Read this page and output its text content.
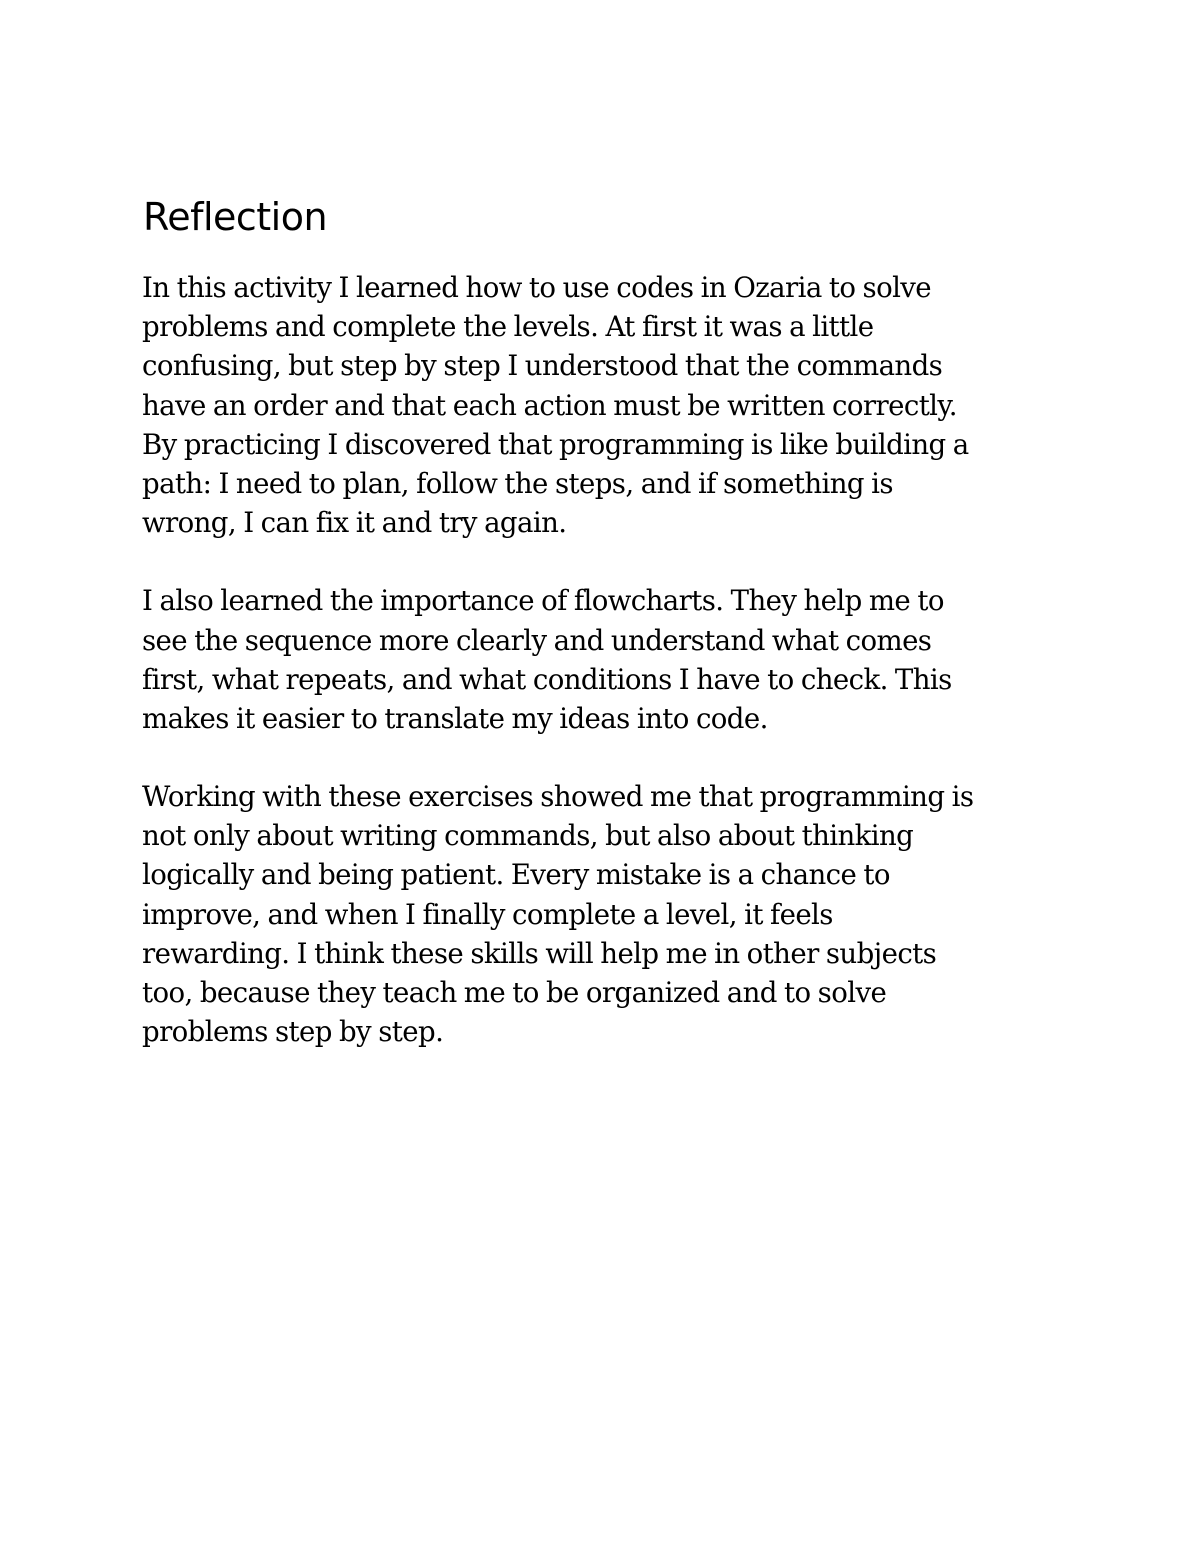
Reflection

In this activity I learned how to use codes in Ozaria to solve
problems and complete the levels. At first it was a little
confusing, but step by step I understood that the commands
have an order and that each action must be written correctly.
By practicing I discovered that programming is like building a
path: I need to plan, follow the steps, and if something is
wrong, I can fix it and try again.

I also learned the importance of flowcharts. They help me to
see the sequence more clearly and understand what comes
first, what repeats, and what conditions I have to check. This
makes it easier to translate my ideas into code.

Working with these exercises showed me that programming is
not only about writing commands, but also about thinking
logically and being patient. Every mistake is a chance to
improve, and when I finally complete a level, it feels
rewarding. I think these skills will help me in other subjects
too, because they teach me to be organized and to solve
problems step by step.
